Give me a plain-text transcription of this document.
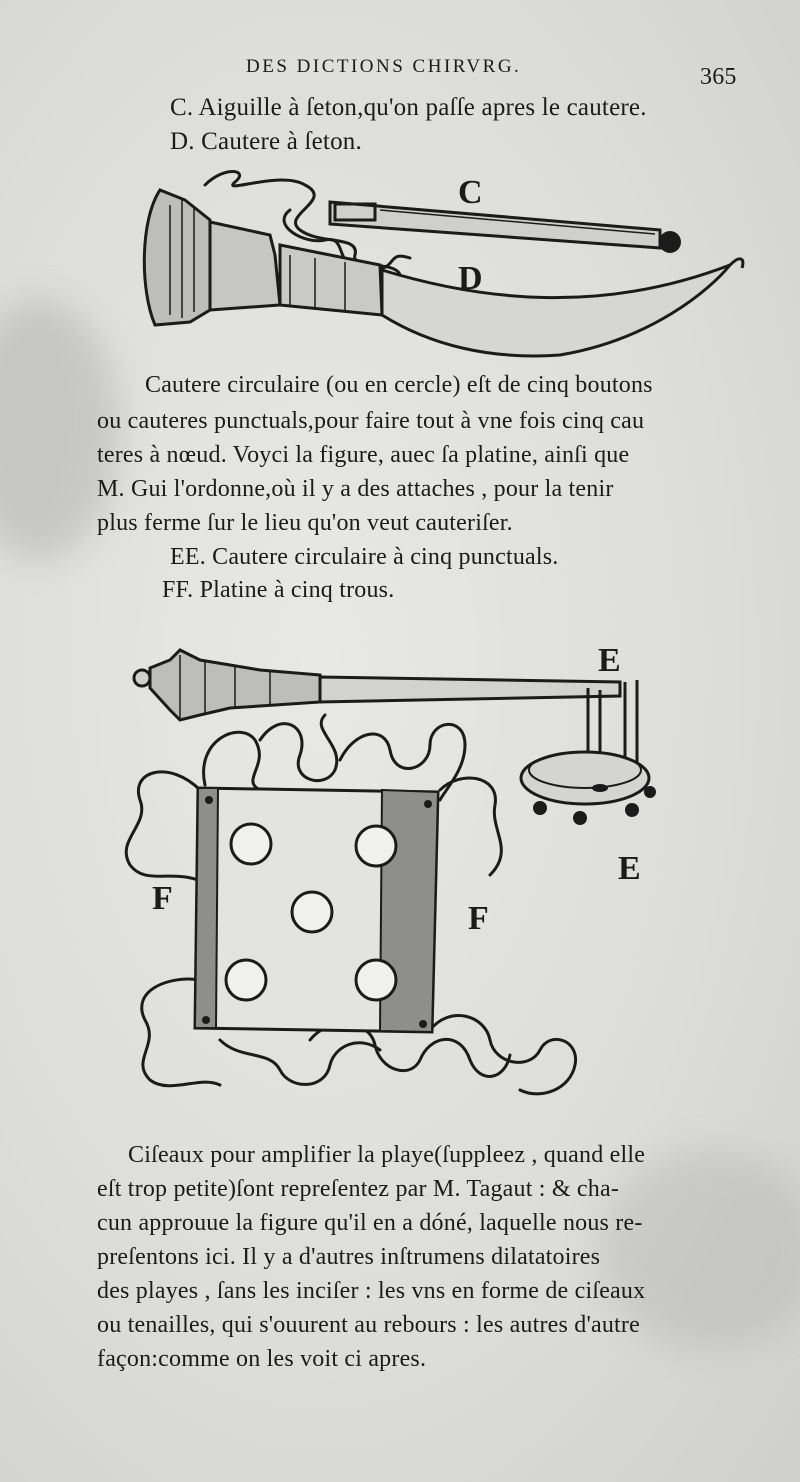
DES DICTIONS CHIRVRG.	365
C. Aiguille à ſeton,qu'on paſſe apres le cautere.
D. Cautere à ſeton.
C
D
Cautere circulaire (ou en cercle) eſt de cinq boutons
ou cauteres punctuals,pour faire tout à vne fois cinq cau
teres à nœud. Voyci la figure, auec ſa platine, ainſi que
M. Gui l'ordonne,où il y a des attaches , pour la tenir
plus ferme ſur le lieu qu'on veut cauteriſer.
EE. Cautere circulaire à cinq punctuals.
FF. Platine à cinq trous.
E
E
F
F
Ciſeaux pour amplifier la playe(ſuppleez , quand elle
eſt trop petite)ſont repreſentez par M. Tagaut : & cha-
cun approuue la figure qu'il en a dóné, laquelle nous re-
preſentons ici. Il y a d'autres inſtrumens dilatatoires
des playes , ſans les inciſer : les vns en forme de ciſeaux
ou tenailles, qui s'ouurent au rebours : les autres d'autre
façon:comme on les voit ci apres.
